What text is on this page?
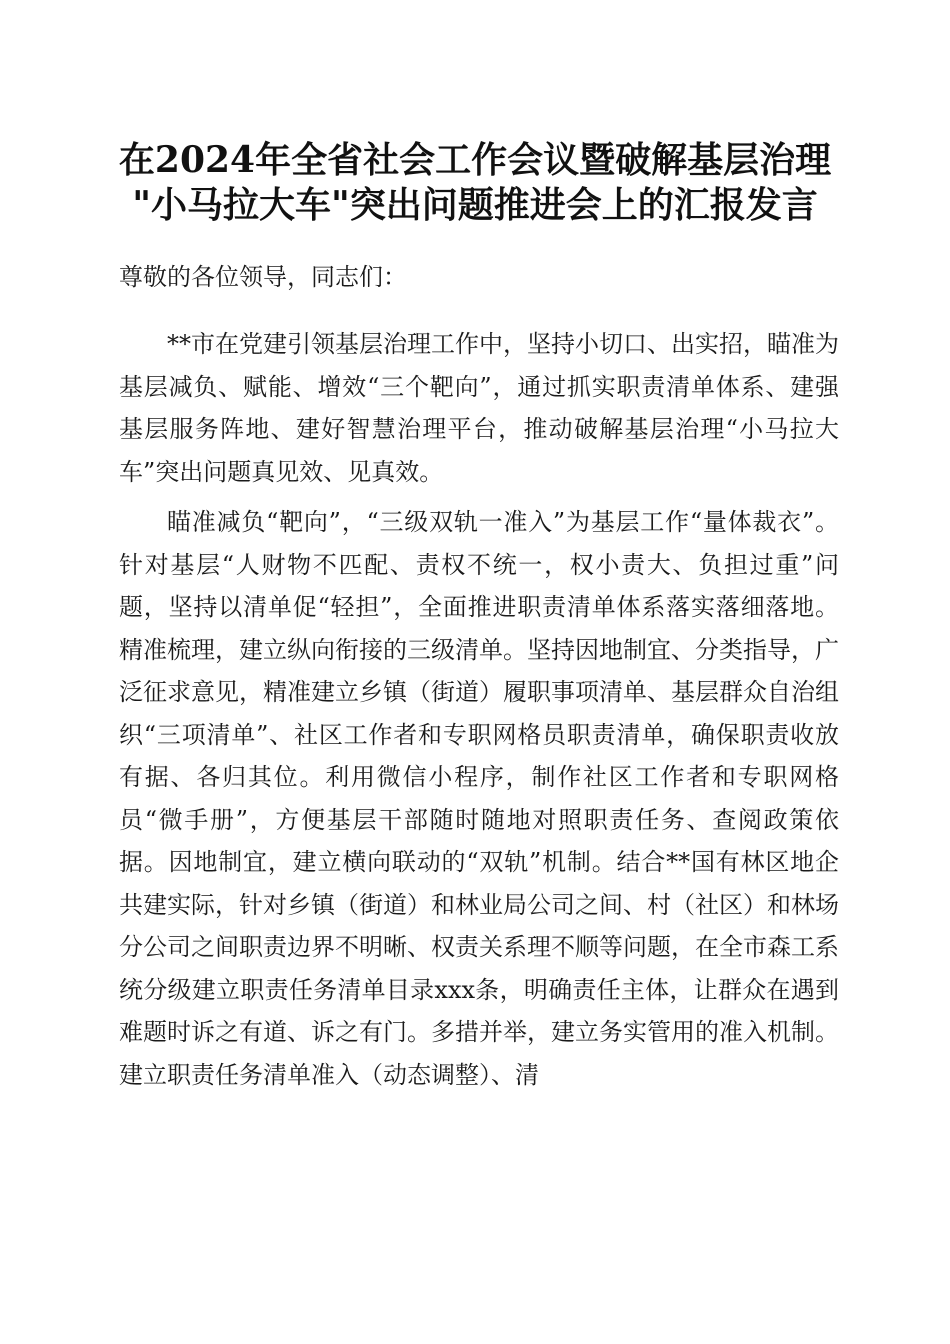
在2024年全省社会工作会议暨破解基层治理
"小马拉大车"突出问题推进会上的汇报发言
尊敬的各位领导，同志们：

**市在党建引领基层治理工作中，坚持小切口、出实招，瞄准为基层减负、赋能、增效“三个靶向”，通过抓实职责清单体系、建强基层服务阵地、建好智慧治理平台，推动破解基层治理“小马拉大车”突出问题真见效、见真效。

瞄准减负“靶向”，“三级双轨一准入”为基层工作“量体裁衣”。针对基层“人财物不匹配、责权不统一，权小责大、负担过重”问题，坚持以清单促“轻担”，全面推进职责清单体系落实落细落地。精准梳理，建立纵向衔接的三级清单。坚持因地制宜、分类指导，广泛征求意见，精准建立乡镇（街道）履职事项清单、基层群众自治组织“三项清单”、社区工作者和专职网格员职责清单，确保职责收放有据、各归其位。利用微信小程序，制作社区工作者和专职网格员“微手册”，方便基层干部随时随地对照职责任务、查阅政策依据。因地制宜，建立横向联动的“双轨”机制。结合**国有林区地企共建实际，针对乡镇（街道）和林业局公司之间、村（社区）和林场分公司之间职责边界不明晰、权责关系理不顺等问题，在全市森工系统分级建立职责任务清单目录xxx条，明确责任主体，让群众在遇到难题时诉之有道、诉之有门。多措并举，建立务实管用的准入机制。建立职责任务清单准入（动态调整）、清
